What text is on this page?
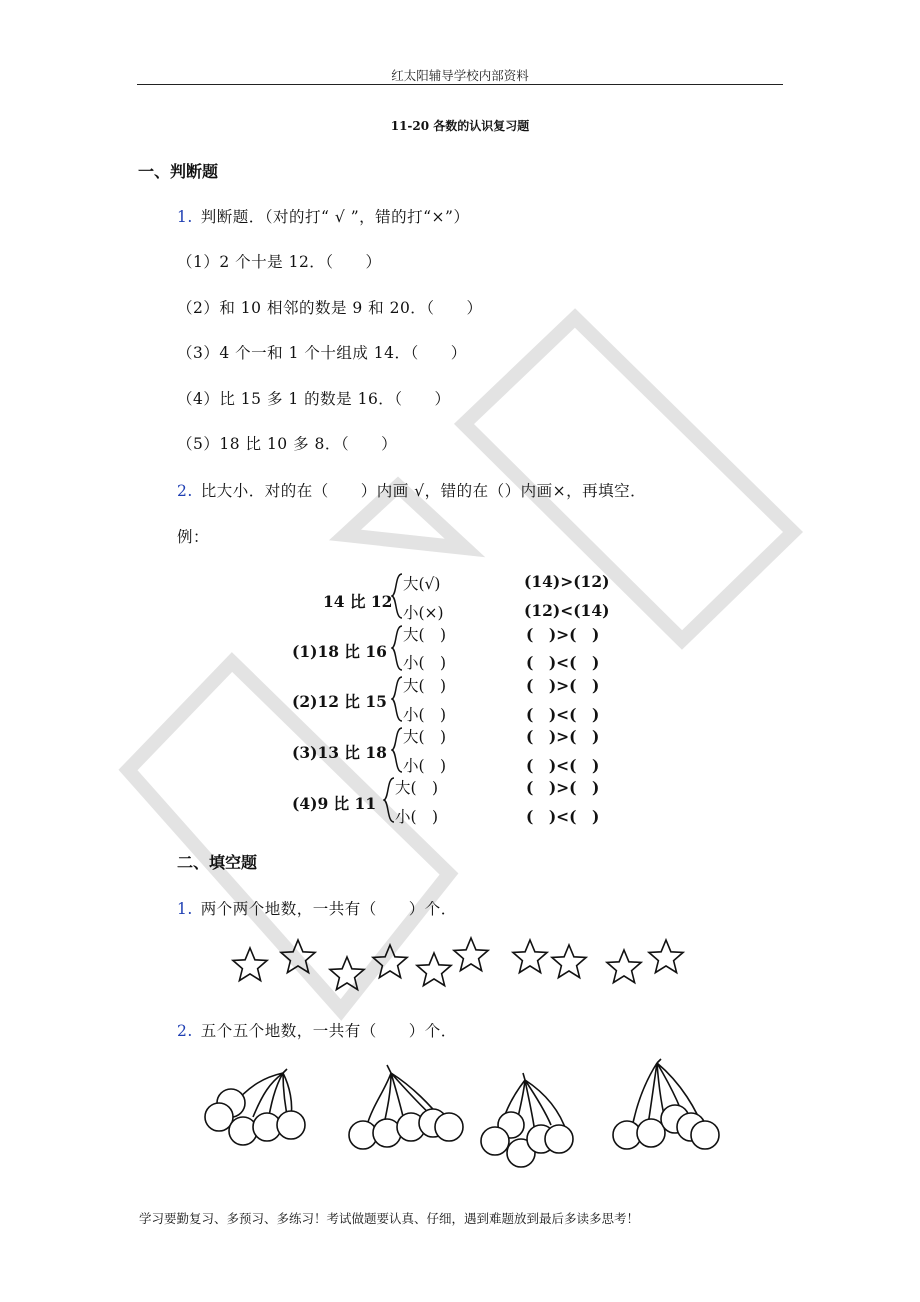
红太阳辅导学校内部资料
11-20 各数的认识复习题
一、判断题
1. 判断题．（对的打“ √ ”，错的打“×”）
（1）2 个十是 12．（　　）
（2）和 10 相邻的数是 9 和 20．（　　）
（3）4 个一和 1 个十组成 14．（　　）
（4）比 15 多 1 的数是 16．（　　）
（5）18 比 10 多 8．（　　）
2. 比大小．对的在（　　）内画 √，错的在（）内画×，再填空．
例：
14 比 12
大(√)
小(×)
(14)>(12)
(12)<(14)
(1)18 比 16
大(　)
小(　)
(　)>(　)
(　)<(　)
(2)12 比 15
大(　)
小(　)
(　)>(　)
(　)<(　)
(3)13 比 18
大(　)
小(　)
(　)>(　)
(　)<(　)
(4)9 比 11
大(　)
小(　)
(　)>(　)
(　)<(　)
二、填空题
1. 两个两个地数，一共有（　　）个．
2. 五个五个地数，一共有（　　）个．
学习要勤复习、多预习、多练习！考试做题要认真、仔细，遇到难题放到最后多读多思考！
